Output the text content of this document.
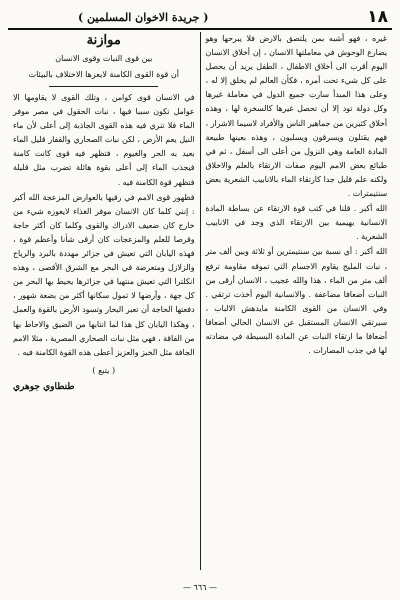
١٨
( جريدة الاخوان المسلمين )

غيره ، فهو أشبه بمن يلتصق بالارض فلا يبرحها وهو يضارع الوحوش في معاملتها الانسان ، إن أخلاق الانسان اليوم أقرب الى أخلاق الاطفال ، الطفل يريد أن يحصل على كل شيء تحت أمره ، فكأن العالم لم يخلق إلا له ، وعلى هذا المبدأ سارت جميع الدول في معاملة غيرها وكل دولة تود إلا أن تحصل غيرها كالسخرة لها ، وهذه أخلاق كثيرين من جماهير الناس والأفراد لاسيما الاشرار ، فهم يقتلون ويسرقون ويسلبون ، وهذه بعينها طبيعة المادة العامة وهي النزول من أعلى الى أسفل ، ثم في طبائع بعض الامم اليوم صفات الارتقاء بالعلم والاخلاق ولكنه علم قليل جدا كارتقاء الماء بالانابيب الشعرية بعض سنتيمترات .

الله أكبر . قلنا في كتب قوة الارتقاء عن بساطة المادة الانسانية بهيمية بين الارتقاء الذي وجد في الانابيب الشعرية .

الله أكبر : أي نسبة بين سنتيمترين أو ثلاثة وبين ألف متر ، نبات المليح يقاوم الاجسام التي تموقه مقاومة ترفع ألف متر من الماء ، هذا والله عجيب ، الانسان أرقى من النبات أضعافا مضاعفة . والانسانية اليوم أخذت ترتقي . وفي الانسان من القوى الكامنة مايدهش الالباب ، سيرتقي الانسان المستقبل عن الانسان الحالي أضعافا أضعافا ما ارتقاء النبات عن المادة البسيطة في مضادته لها في جذب المصارات .

موازنة
بين قوى النبات وقوى الانسان
أن قوة القوى الكامنة لايعزها الاختلاف بالبيئات

في الانسان قوى كوامن ، وتلك القوى لا يقاومها الا عوامل تكون سببا فيها ، نبات الحقول في مصر موفر الماء فلا تنري فيه هذه القوى الجاذبة إلى أعلى لأن ماء النيل يعم الأرض ، لكن نبات الصحاري والقفار قليل الماء بعيد به الحر والغيوم ، فتظهر فيه قوى كانت كامنة فيجذب الماء إلى أعلى بقوة هائلة تضرب مثل قليلة فتظهر قوة الكامنة فيه .

فظهور قوى الامم في رقيها بالعوارض المزعجة الله أكبر : إنني كلما كان الانسان موفر الغذاء لايعوزه شيء من خارج كان ضعيف الادراك والقوى وكلما كان أكثر حاجة وقرصا للعلم والمزعجات كان أرقى شأنا وأعظم قوة ، فهذه اليابان التي تعيش في جزائر مهددة بالبرد والرياح والزلازل ومتعرضة في البحر مع الشرق الأقصى ، وهذه انكلترا التي تعيش منتهيا في جزائرها يحيط بها البحر من كل جهة ، وأرضها لا تمول سكانها أكثر من بضعة شهور ، دفعتها الحاجة أن تعبر البحار وتسود الأرض بالقوة والعمل ، وهكذا اليابان كل هذا لما انتابها من الضيق والاحاط بها من الفاقة ، فهي مثل نبات الصحاري المصرية ، مثلا الامم الجافة مثل الخبز والعزيز أعطى هذه القوة الكامنة فيه .

( يتبع )
طنطاوي جوهري
— ٦٦٦ —
